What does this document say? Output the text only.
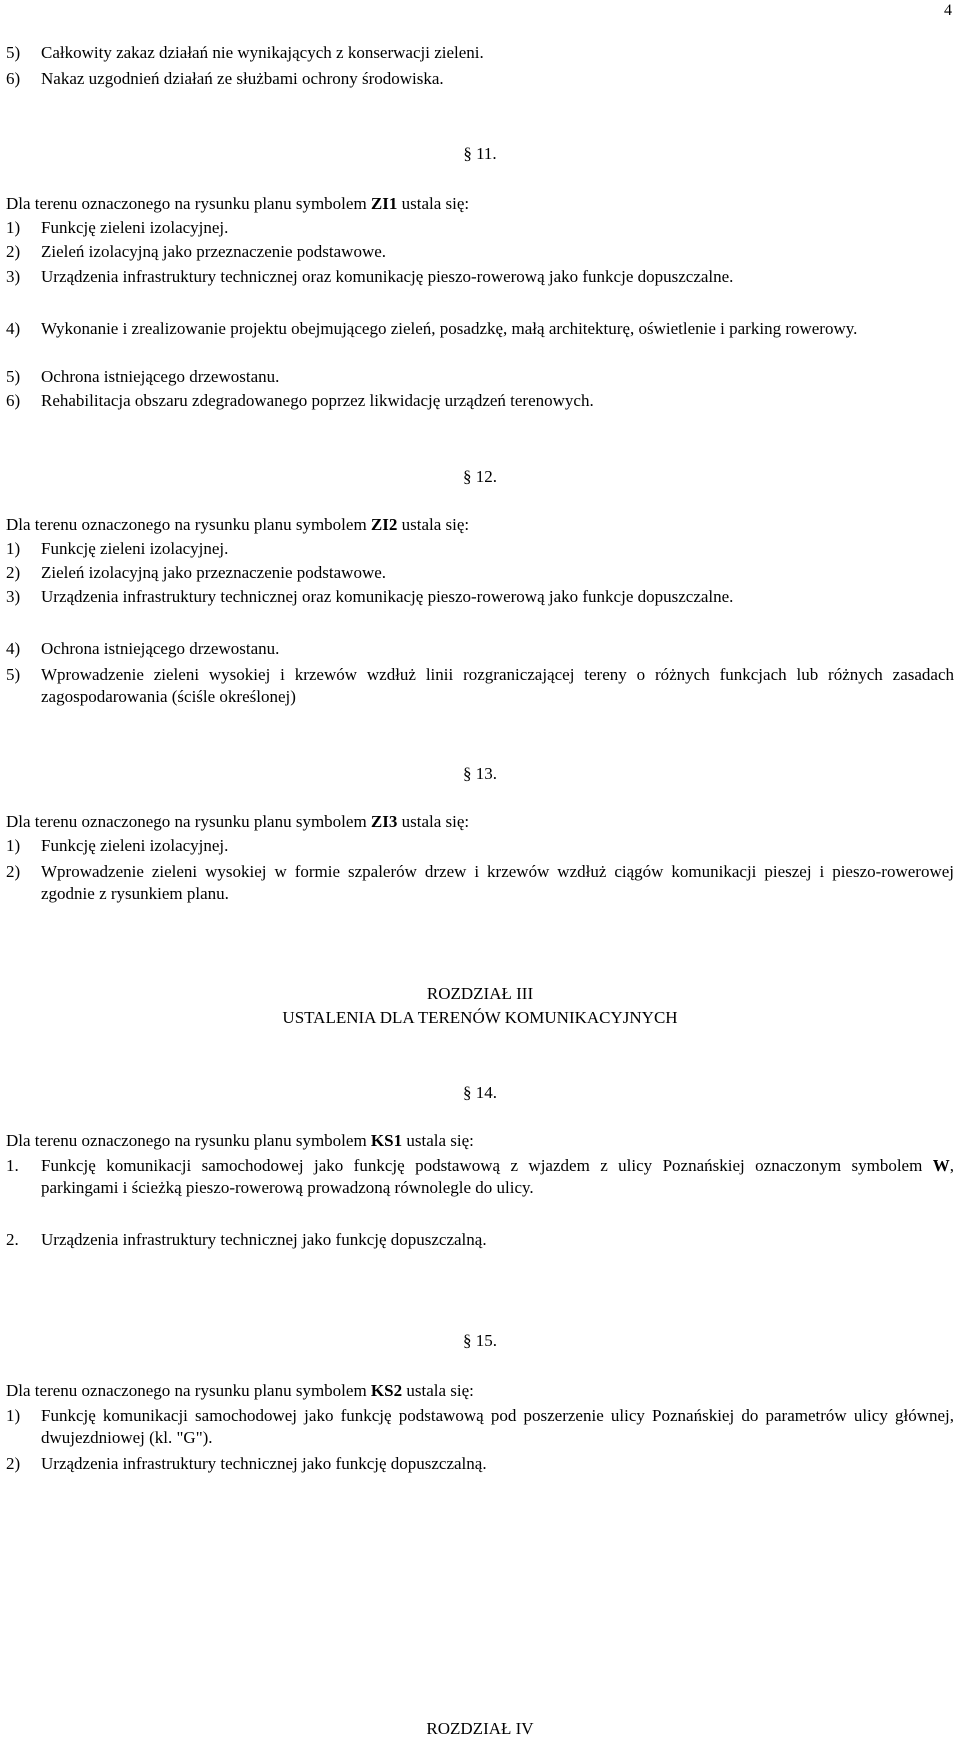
4
5) Całkowity zakaz działań nie wynikających z konserwacji zieleni.
6) Nakaz uzgodnień działań ze służbami ochrony środowiska.
§ 11.
Dla terenu oznaczonego na rysunku planu symbolem ZI1 ustala się:
1) Funkcję zieleni izolacyjnej.
2) Zieleń izolacyjną jako przeznaczenie podstawowe.
3) Urządzenia infrastruktury technicznej oraz komunikację pieszo-rowerową jako funkcje dopuszczalne.
4) Wykonanie i zrealizowanie projektu obejmującego zieleń, posadzkę, małą architekturę, oświetlenie i parking rowerowy.
5) Ochrona istniejącego drzewostanu.
6) Rehabilitacja obszaru zdegradowanego poprzez likwidację urządzeń terenowych.
§ 12.
Dla terenu oznaczonego na rysunku planu symbolem ZI2 ustala się:
1) Funkcję zieleni izolacyjnej.
2) Zieleń izolacyjną jako przeznaczenie podstawowe.
3) Urządzenia infrastruktury technicznej oraz komunikację pieszo-rowerową jako funkcje dopuszczalne.
4) Ochrona istniejącego drzewostanu.
5) Wprowadzenie zieleni wysokiej i krzewów wzdłuż linii rozgraniczającej tereny o różnych funkcjach lub różnych zasadach zagospodarowania (ściśle określonej)
§ 13.
Dla terenu oznaczonego na rysunku planu symbolem ZI3 ustala się:
1) Funkcję zieleni izolacyjnej.
2) Wprowadzenie zieleni wysokiej w formie szpalerów drzew i krzewów wzdłuż ciągów komunikacji pieszej i pieszo-rowerowej zgodnie z rysunkiem planu.
ROZDZIAŁ III
USTALENIA DLA TERENÓW KOMUNIKACYJNYCH
§ 14.
Dla terenu oznaczonego na rysunku planu symbolem KS1 ustala się:
1. Funkcję komunikacji samochodowej jako funkcję podstawową z wjazdem z ulicy Poznańskiej oznaczonym symbolem W, parkingami i ścieżką pieszo-rowerową prowadzoną równolegle do ulicy.
2. Urządzenia infrastruktury technicznej jako funkcję dopuszczalną.
§ 15.
Dla terenu oznaczonego na rysunku planu symbolem KS2 ustala się:
1) Funkcję komunikacji samochodowej jako funkcję podstawową pod poszerzenie ulicy Poznańskiej do parametrów ulicy głównej, dwujezdniowej (kl. "G").
2) Urządzenia infrastruktury technicznej jako funkcję dopuszczalną.
ROZDZIAŁ IV
